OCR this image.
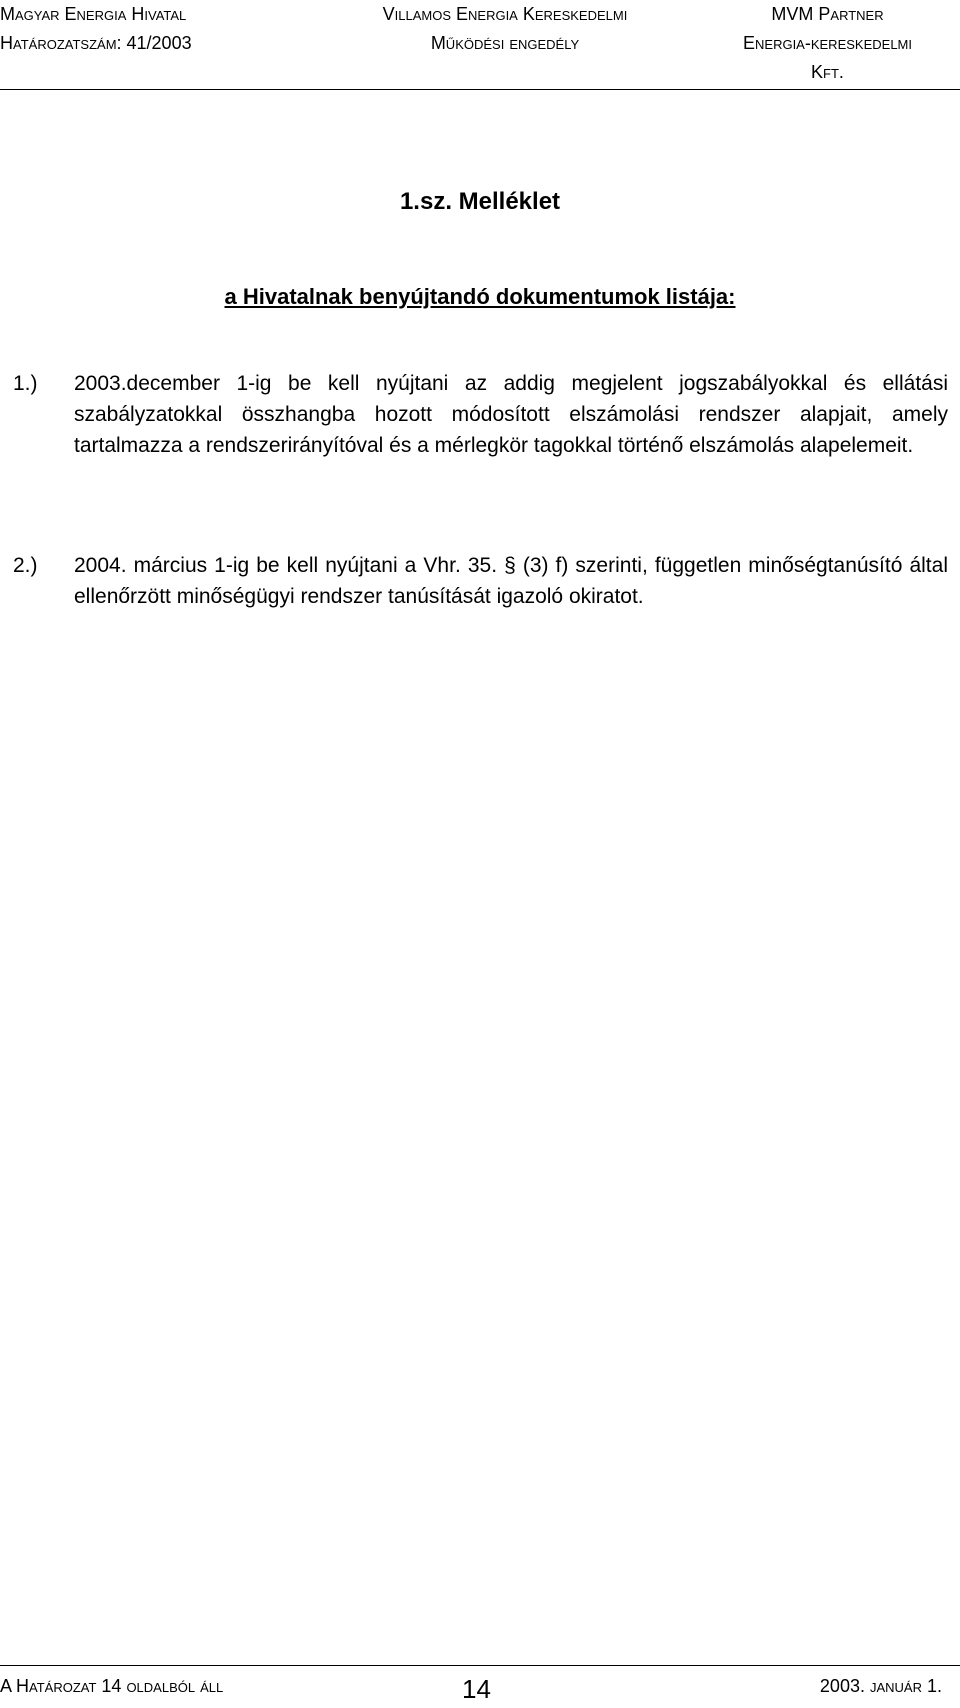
Magyar Energia Hivatal
Határozatszám: 41/2003
Villamos Energia Kereskedelmi
Működési engedély
MVM Partner
Energia-kereskedelmi
Kft.
1.sz. Melléklet
a Hivatalnak benyújtandó dokumentumok listája:

1.) 2003.december 1-ig be kell nyújtani az addig megjelent jogszabályokkal és ellátási szabályzatokkal összhangba hozott módosított elszámolási rendszer alapjait, amely tartalmazza a rendszerirányítóval és a mérlegkör tagokkal történő elszámolás alapelemeit.

2.) 2004. március 1-ig be kell nyújtani a Vhr. 35. § (3) f) szerinti, független minőségtanúsító által ellenőrzött minőségügyi rendszer tanúsítását igazoló okiratot.

A Határozat 14 oldalból áll	14	2003. január 1.
